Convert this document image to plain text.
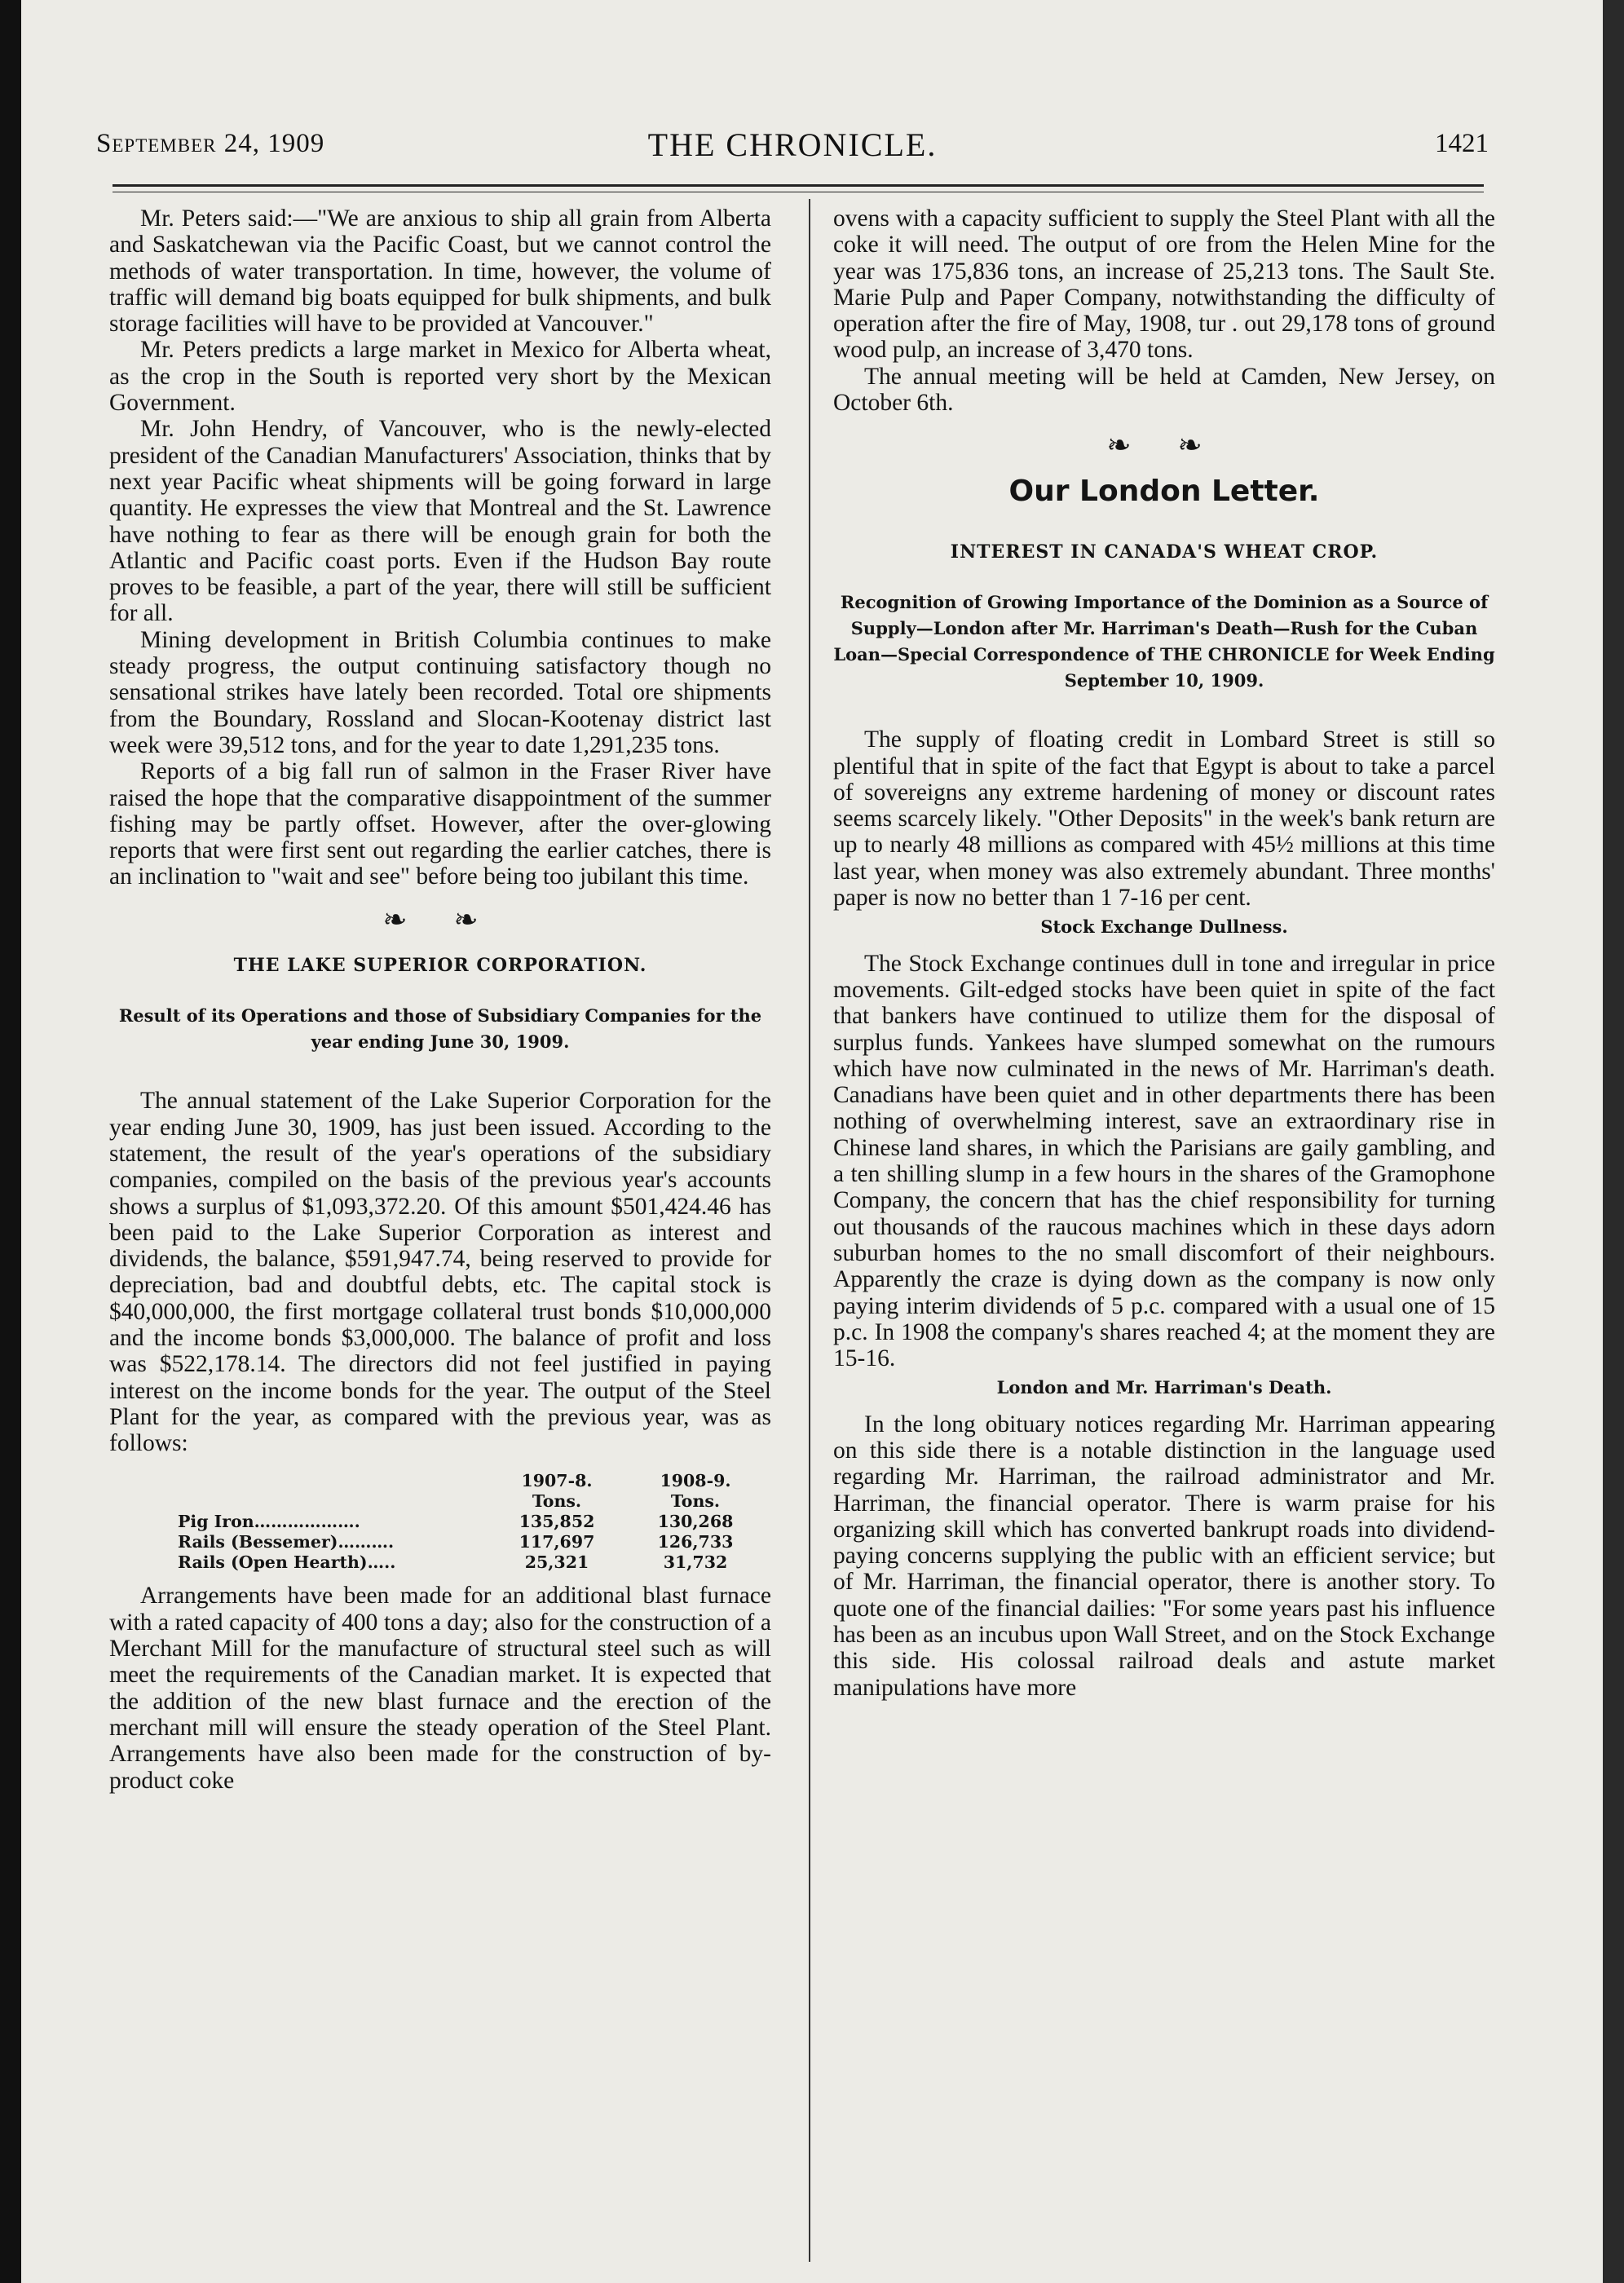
September 24, 1909	THE CHRONICLE.	1421

Mr. Peters said:—"We are anxious to ship all grain from Alberta and Saskatchewan via the Pacific Coast, but we cannot control the methods of water transportation. In time, however, the volume of traffic will demand big boats equipped for bulk shipments, and bulk storage facilities will have to be provided at Vancouver."

Mr. Peters predicts a large market in Mexico for Alberta wheat, as the crop in the South is reported very short by the Mexican Government.

Mr. John Hendry, of Vancouver, who is the newly-elected president of the Canadian Manufacturers' Association, thinks that by next year Pacific wheat shipments will be going forward in large quantity. He expresses the view that Montreal and the St. Lawrence have nothing to fear as there will be enough grain for both the Atlantic and Pacific coast ports. Even if the Hudson Bay route proves to be feasible, a part of the year, there will still be sufficient for all.

Mining development in British Columbia continues to make steady progress, the output continuing satisfactory though no sensational strikes have lately been recorded. Total ore shipments from the Boundary, Rossland and Slocan-Kootenay district last week were 39,512 tons, and for the year to date 1,291,235 tons.

Reports of a big fall run of salmon in the Fraser River have raised the hope that the comparative disappointment of the summer fishing may be partly offset. However, after the over-glowing reports that were first sent out regarding the earlier catches, there is an inclination to "wait and see" before being too jubilant this time.

❧ ❧
THE LAKE SUPERIOR CORPORATION.
Result of its Operations and those of Subsidiary Companies for the year ending June 30, 1909.

The annual statement of the Lake Superior Corporation for the year ending June 30, 1909, has just been issued. According to the statement, the result of the year's operations of the subsidiary companies, compiled on the basis of the previous year's accounts shows a surplus of $1,093,372.20. Of this amount $501,424.46 has been paid to the Lake Superior Corporation as interest and dividends, the balance, $591,947.74, being reserved to provide for depreciation, bad and doubtful debts, etc. The capital stock is $40,000,000, the first mortgage collateral trust bonds $10,000,000 and the income bonds $3,000,000. The balance of profit and loss was $522,178.14. The directors did not feel justified in paying interest on the income bonds for the year. The output of the Steel Plant for the year, as compared with the previous year, was as follows:

	1907-8.	1908-9.
	Tons.	Tons.
Pig Iron……………….	135,852	130,268
Rails (Bessemer)……….	117,697	126,733
Rails (Open Hearth)…..	25,321	31,732

Arrangements have been made for an additional blast furnace with a rated capacity of 400 tons a day; also for the construction of a Merchant Mill for the manufacture of structural steel such as will meet the requirements of the Canadian market. It is expected that the addition of the new blast furnace and the erection of the merchant mill will ensure the steady operation of the Steel Plant. Arrangements have also been made for the construction of by-product coke

ovens with a capacity sufficient to supply the Steel Plant with all the coke it will need. The output of ore from the Helen Mine for the year was 175,836 tons, an increase of 25,213 tons. The Sault Ste. Marie Pulp and Paper Company, notwithstanding the difficulty of operation after the fire of May, 1908, tur . out 29,178 tons of ground wood pulp, an increase of 3,470 tons.

The annual meeting will be held at Camden, New Jersey, on October 6th.

❧ ❧
Our London Letter.
INTEREST IN CANADA'S WHEAT CROP.
Recognition of Growing Importance of the Dominion as a Source of Supply—London after Mr. Harriman's Death—Rush for the Cuban Loan—Special Correspondence of THE CHRONICLE for Week Ending September 10, 1909.

The supply of floating credit in Lombard Street is still so plentiful that in spite of the fact that Egypt is about to take a parcel of sovereigns any extreme hardening of money or discount rates seems scarcely likely. "Other Deposits" in the week's bank return are up to nearly 48 millions as compared with 45½ millions at this time last year, when money was also extremely abundant. Three months' paper is now no better than 1 7-16 per cent.

Stock Exchange Dullness.

The Stock Exchange continues dull in tone and irregular in price movements. Gilt-edged stocks have been quiet in spite of the fact that bankers have continued to utilize them for the disposal of surplus funds. Yankees have slumped somewhat on the rumours which have now culminated in the news of Mr. Harriman's death. Canadians have been quiet and in other departments there has been nothing of overwhelming interest, save an extraordinary rise in Chinese land shares, in which the Parisians are gaily gambling, and a ten shilling slump in a few hours in the shares of the Gramophone Company, the concern that has the chief responsibility for turning out thousands of the raucous machines which in these days adorn suburban homes to the no small discomfort of their neighbours. Apparently the craze is dying down as the company is now only paying interim dividends of 5 p.c. compared with a usual one of 15 p.c. In 1908 the company's shares reached 4; at the moment they are 15-16.

London and Mr. Harriman's Death.

In the long obituary notices regarding Mr. Harriman appearing on this side there is a notable distinction in the language used regarding Mr. Harriman, the railroad administrator and Mr. Harriman, the financial operator. There is warm praise for his organizing skill which has converted bankrupt roads into dividend-paying concerns supplying the public with an efficient service; but of Mr. Harriman, the financial operator, there is another story. To quote one of the financial dailies: "For some years past his influence has been as an incubus upon Wall Street, and on the Stock Exchange this side. His colossal railroad deals and astute market manipulations have more
